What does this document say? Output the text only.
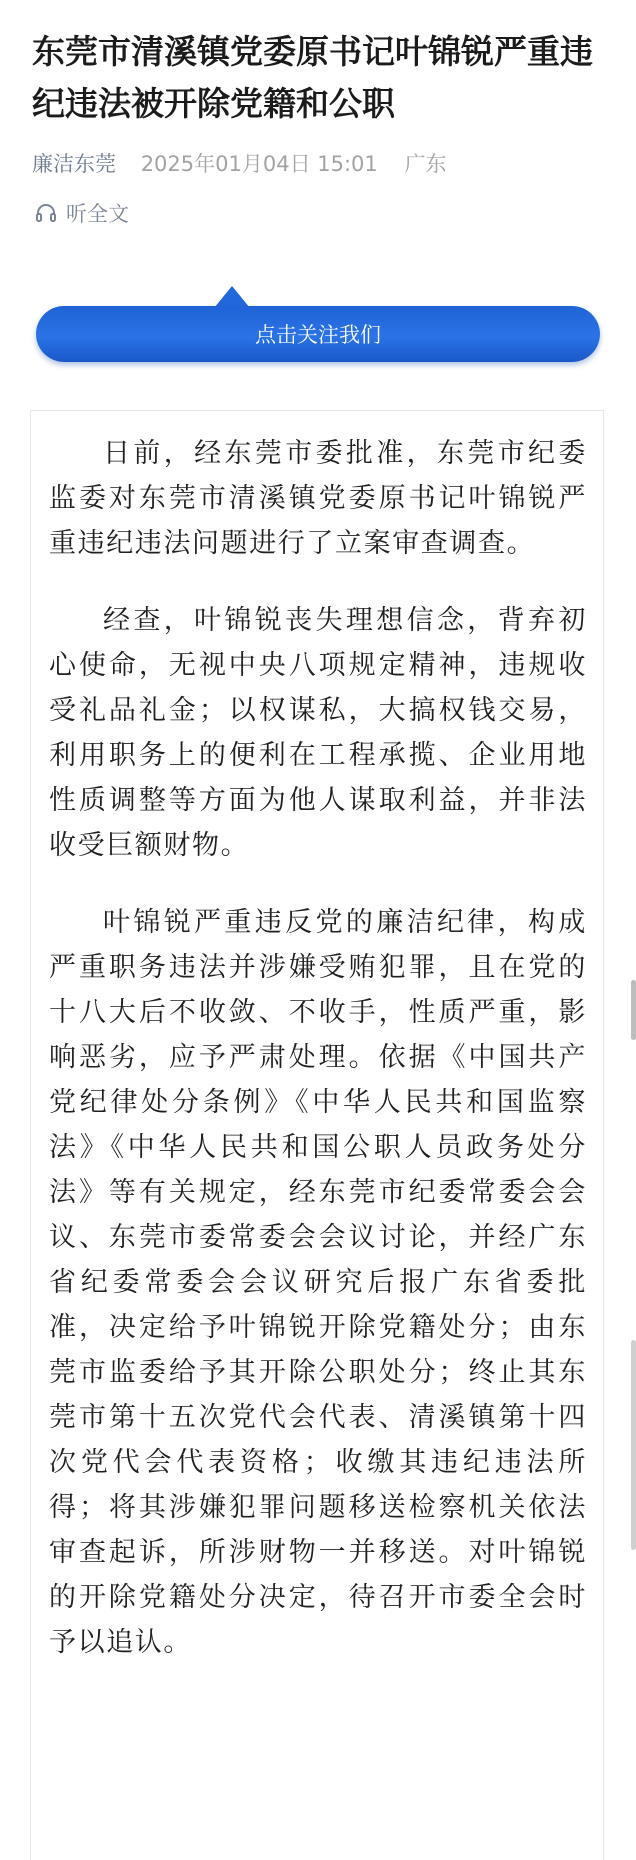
东莞市清溪镇党委原书记叶锦锐严重违纪违法被开除党籍和公职
廉洁东莞 2025年01月04日 15:01 广东
听全文
点击关注我们

日前，经东莞市委批准，东莞市纪委监委对东莞市清溪镇党委原书记叶锦锐严重违纪违法问题进行了立案审查调查。

经查，叶锦锐丧失理想信念，背弃初心使命，无视中央八项规定精神，违规收受礼品礼金；以权谋私，大搞权钱交易，利用职务上的便利在工程承揽、企业用地性质调整等方面为他人谋取利益，并非法收受巨额财物。

叶锦锐严重违反党的廉洁纪律，构成严重职务违法并涉嫌受贿犯罪，且在党的十八大后不收敛、不收手，性质严重，影响恶劣，应予严肃处理。依据《中国共产党纪律处分条例》《中华人民共和国监察法》《中华人民共和国公职人员政务处分法》等有关规定，经东莞市纪委常委会会议、东莞市委常委会会议讨论，并经广东省纪委常委会会议研究后报广东省委批准，决定给予叶锦锐开除党籍处分；由东莞市监委给予其开除公职处分；终止其东莞市第十五次党代会代表、清溪镇第十四次党代会代表资格；收缴其违纪违法所得；将其涉嫌犯罪问题移送检察机关依法审查起诉，所涉财物一并移送。对叶锦锐的开除党籍处分决定，待召开市委全会时予以追认。
